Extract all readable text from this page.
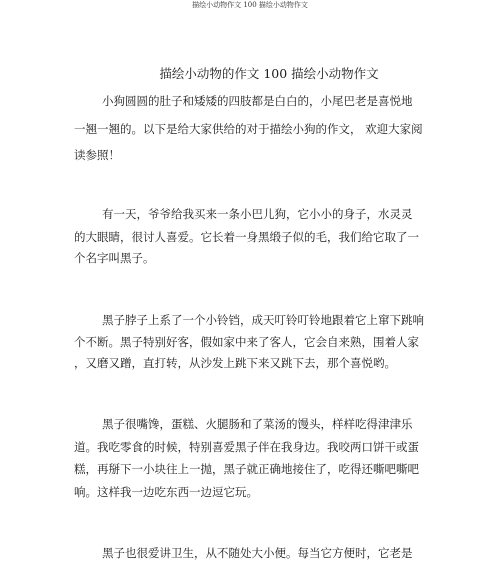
描绘小动物作文 100 描绘小动物作文
描绘小动物的作文 100 描绘小动物作文
小狗圆圆的肚子和矮矮的四肢都是白白的，小尾巴老是喜悦地
一翘一翘的。以下是给大家供给的对于描绘小狗的作文， 欢迎大家阅
读参照！
有一天，爷爷给我买来一条小巴儿狗，它小小的身子，水灵灵
的大眼睛，很讨人喜爱。它长着一身黑缎子似的毛，我们给它取了一
个名字叫黑子。
黑子脖子上系了一个小铃铛，成天叮铃叮铃地跟着它上窜下跳响
个不断。黑子特别好客，假如家中来了客人，它会自来熟，围着人家
，又磨又蹭，直打转，从沙发上跳下来又跳下去，那个喜悦哟。
黑子很嘴馋，蛋糕、火腿肠和了菜汤的馒头，样样吃得津津乐
道。我吃零食的时候，特别喜爱黑子伴在我身边。我咬两口饼干或蛋
糕，再掰下一小块往上一抛，黑子就正确地接住了，吃得还嘶吧嘶吧
响。这样我一边吃东西一边逗它玩。
黑子也很爱讲卫生，从不随处大小便。每当它方便时，它老是
